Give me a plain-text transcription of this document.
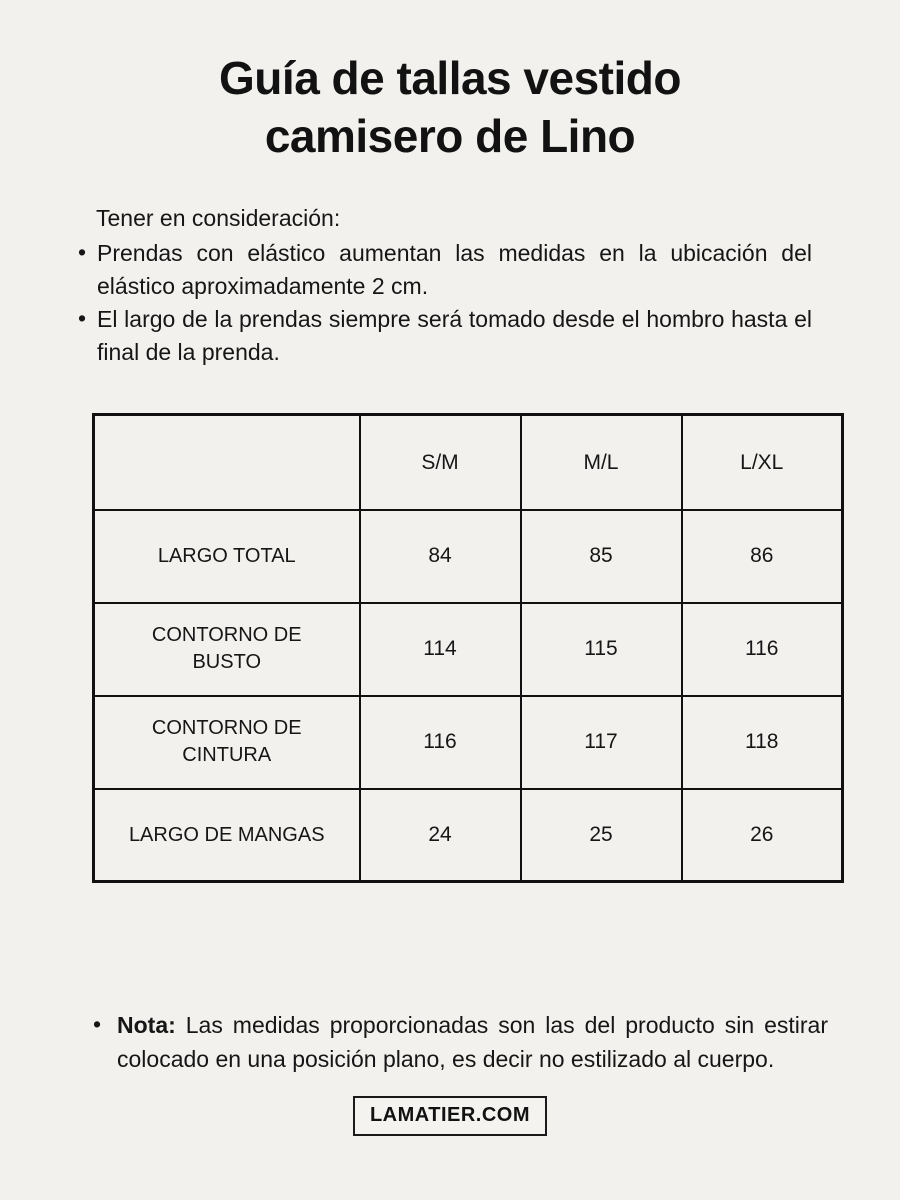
Guía de tallas vestido
camisero de Lino

Tener en consideración:

• Prendas con elástico aumentan las medidas en la ubicación del elástico aproximadamente 2 cm.
• El largo de la prendas siempre será tomado desde el hombro hasta el final de la prenda.
	S/M	M/L	L/XL
LARGO TOTAL	84	85	86
CONTORNO DE BUSTO	114	115	116
CONTORNO DE CINTURA	116	117	118
LARGO DE MANGAS	24	25	26

• Nota: Las medidas proporcionadas son las del producto sin estirar colocado en una posición plano, es decir no estilizado al cuerpo.

LAMATIER.COM
